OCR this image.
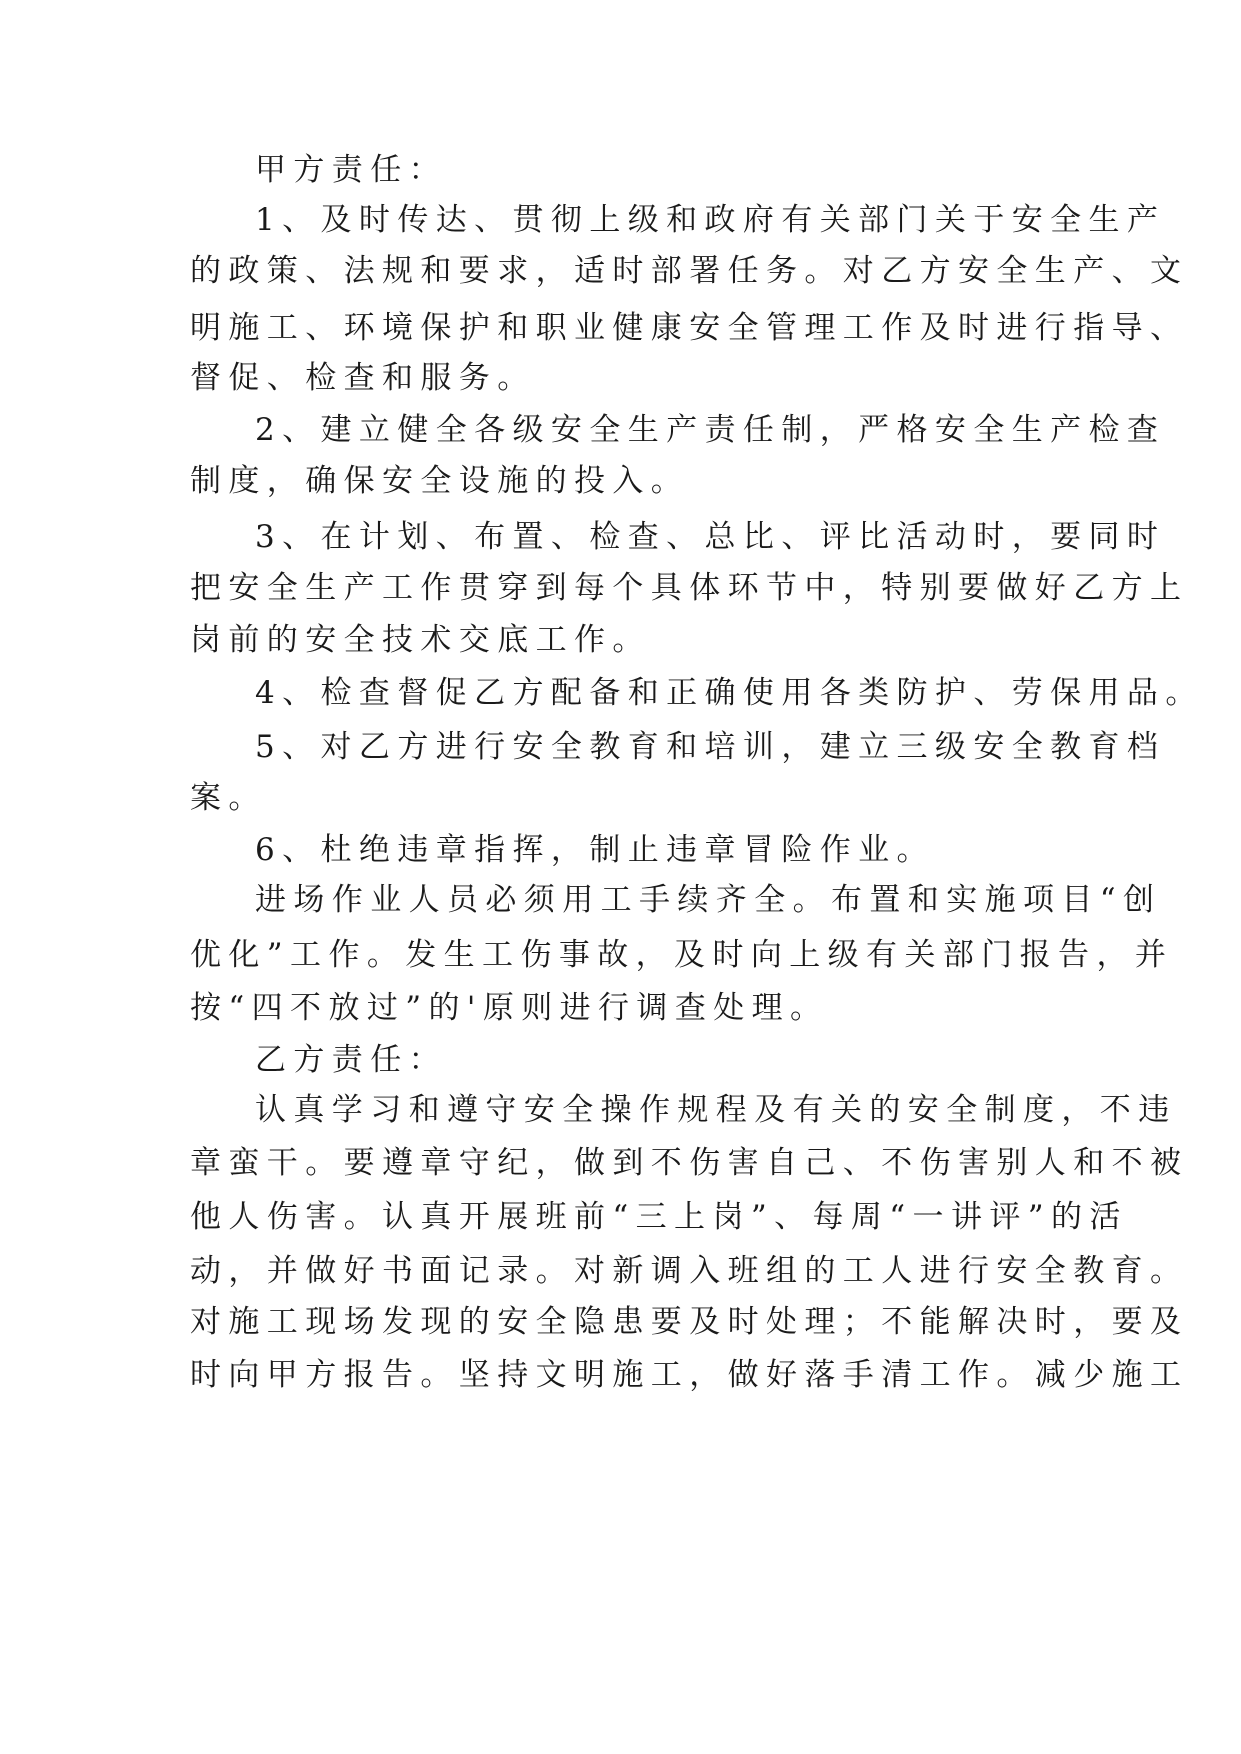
甲方责任：
1、及时传达、贯彻上级和政府有关部门关于安全生产
的政策、法规和要求，适时部署任务。对乙方安全生产、文
明施工、环境保护和职业健康安全管理工作及时进行指导、
督促、检查和服务。
2、建立健全各级安全生产责任制，严格安全生产检查
制度，确保安全设施的投入。
3、在计划、布置、检查、总比、评比活动时，要同时
把安全生产工作贯穿到每个具体环节中，特别要做好乙方上
岗前的安全技术交底工作。
4、检查督促乙方配备和正确使用各类防护、劳保用品。
5、对乙方进行安全教育和培训，建立三级安全教育档
案。
6、杜绝违章指挥，制止违章冒险作业。
进场作业人员必须用工手续齐全。布置和实施项目“创
优化”工作。发生工伤事故，及时向上级有关部门报告，并
按“四不放过”的'原则进行调查处理。
乙方责任：
认真学习和遵守安全操作规程及有关的安全制度，不违
章蛮干。要遵章守纪，做到不伤害自己、不伤害别人和不被
他人伤害。认真开展班前“三上岗”、每周“一讲评”的活
动，并做好书面记录。对新调入班组的工人进行安全教育。
对施工现场发现的安全隐患要及时处理；不能解决时，要及
时向甲方报告。坚持文明施工，做好落手清工作。减少施工
